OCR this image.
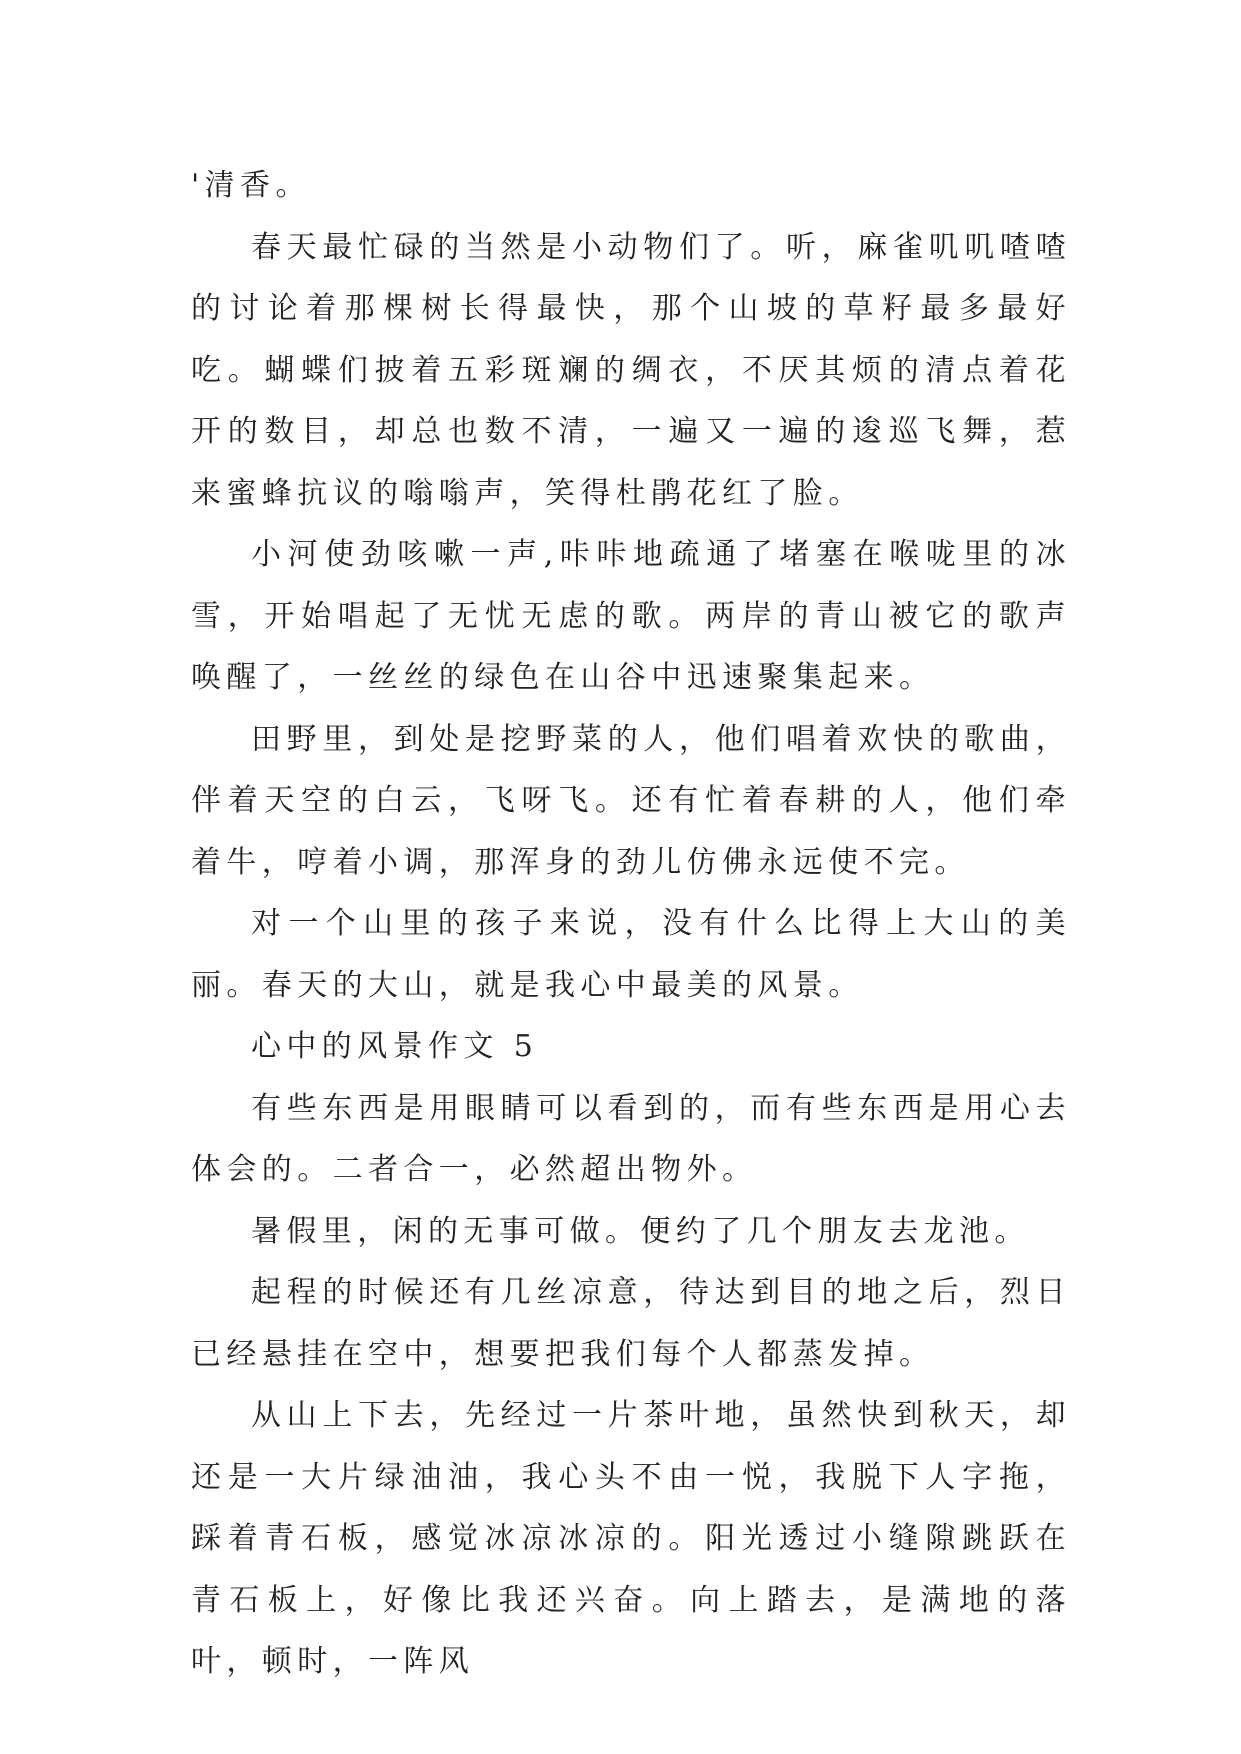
'清香。

春天最忙碌的当然是小动物们了。听，麻雀叽叽喳喳的讨论着那棵树长得最快，那个山坡的草籽最多最好吃。蝴蝶们披着五彩斑斓的绸衣，不厌其烦的清点着花开的数目，却总也数不清，一遍又一遍的逡巡飞舞，惹来蜜蜂抗议的嗡嗡声，笑得杜鹃花红了脸。

小河使劲咳嗽一声,咔咔地疏通了堵塞在喉咙里的冰雪，开始唱起了无忧无虑的歌。两岸的青山被它的歌声唤醒了，一丝丝的绿色在山谷中迅速聚集起来。

田野里，到处是挖野菜的人，他们唱着欢快的歌曲，伴着天空的白云，飞呀飞。还有忙着春耕的人，他们牵着牛，哼着小调，那浑身的劲儿仿佛永远使不完。

对一个山里的孩子来说，没有什么比得上大山的美丽。春天的大山，就是我心中最美的风景。

心中的风景作文 5

有些东西是用眼睛可以看到的，而有些东西是用心去体会的。二者合一，必然超出物外。

暑假里，闲的无事可做。便约了几个朋友去龙池。

起程的时候还有几丝凉意，待达到目的地之后，烈日已经悬挂在空中，想要把我们每个人都蒸发掉。

从山上下去，先经过一片茶叶地，虽然快到秋天，却还是一大片绿油油，我心头不由一悦，我脱下人字拖，踩着青石板，感觉冰凉冰凉的。阳光透过小缝隙跳跃在青石板上，好像比我还兴奋。向上踏去，是满地的落叶，顿时，一阵风
